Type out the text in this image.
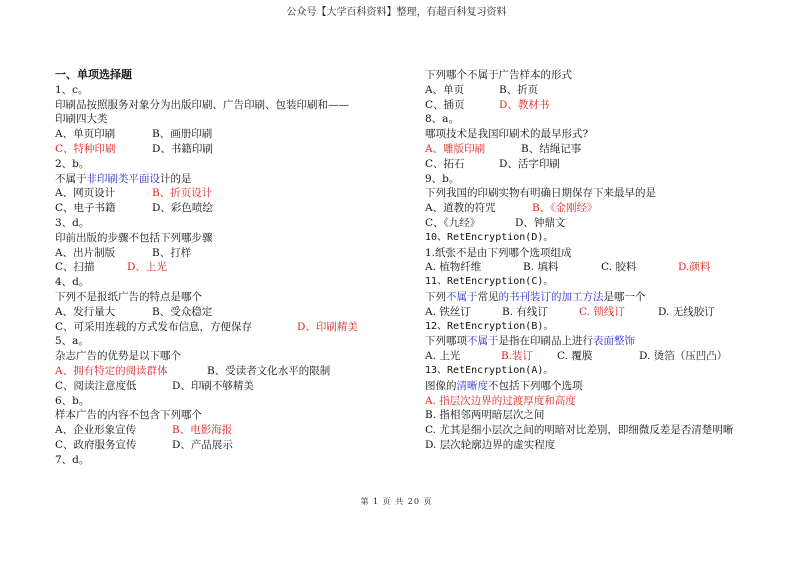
公众号【大学百科资料】整理，有超百科复习资料
一、单项选择题
1、c。
印刷品按照服务对象分为出版印刷、广告印刷、包装印刷和——
印刷四大类
A、单页印刷	B、画册印刷
C、特种印刷	D、书籍印刷
2、b。
不属于非印刷类平面设计的是
A、网页设计	B、折页设计
C、电子书籍	D、彩色喷绘
3、d。
印前出版的步骤不包括下列哪步骤
A、出片制版	B、打样
C、扫描	D、上光
4、d。
下列不是报纸广告的特点是哪个
A、发行量大	B、受众稳定
C、可采用连载的方式发布信息，方便保存	D、印刷精美
5、a。
杂志广告的优势是以下哪个
A、拥有特定的阅读群体	B、受读者文化水平的限制
C、阅读注意度低	D、印刷不够精美
6、b。
样本广告的内容不包含下列哪个
A、企业形象宣传	B、电影海报
C、政府服务宣传	D、产品展示
7、d。
下列哪个不属于广告样本的形式
A、单页	B、折页
C、插页	D、教材书
8、a。
哪项技术是我国印刷术的最早形式?
A、雕版印刷	B、结绳记事
C、拓石	D、活字印刷
9、b。
下列我国的印刷实物有明确日期保存下来最早的是
A、道教的符咒	B、《金刚经》
C、《九经》	D、钟鼎文
10、RetEncryption(D)。
1.纸张不是由下列哪个选项组成
A. 植物纤维	B. 填料	C. 胶料	D.颜料
11、RetEncryption(C)。
下列不属于常见的书刊装订的加工方法是哪一个
A. 铁丝订	B. 有线订	C. 锁线订	D. 无线胶订
12、RetEncryption(B)。
下列哪项不属于是指在印刷品上进行表面整饰
A. 上光	B.装订 C. 覆膜	D. 烫箔（压凹凸）
13、RetEncryption(A)。
图像的清晰度不包括下列哪个选项
A. 指层次边界的过渡厚度和高度
B. 指相邻两明暗层次之间
C. 尤其是细小层次之间的明暗对比差别，即细微反差是否清楚明晰
D. 层次轮廓边界的虚实程度
第 1 页 共 20 页
